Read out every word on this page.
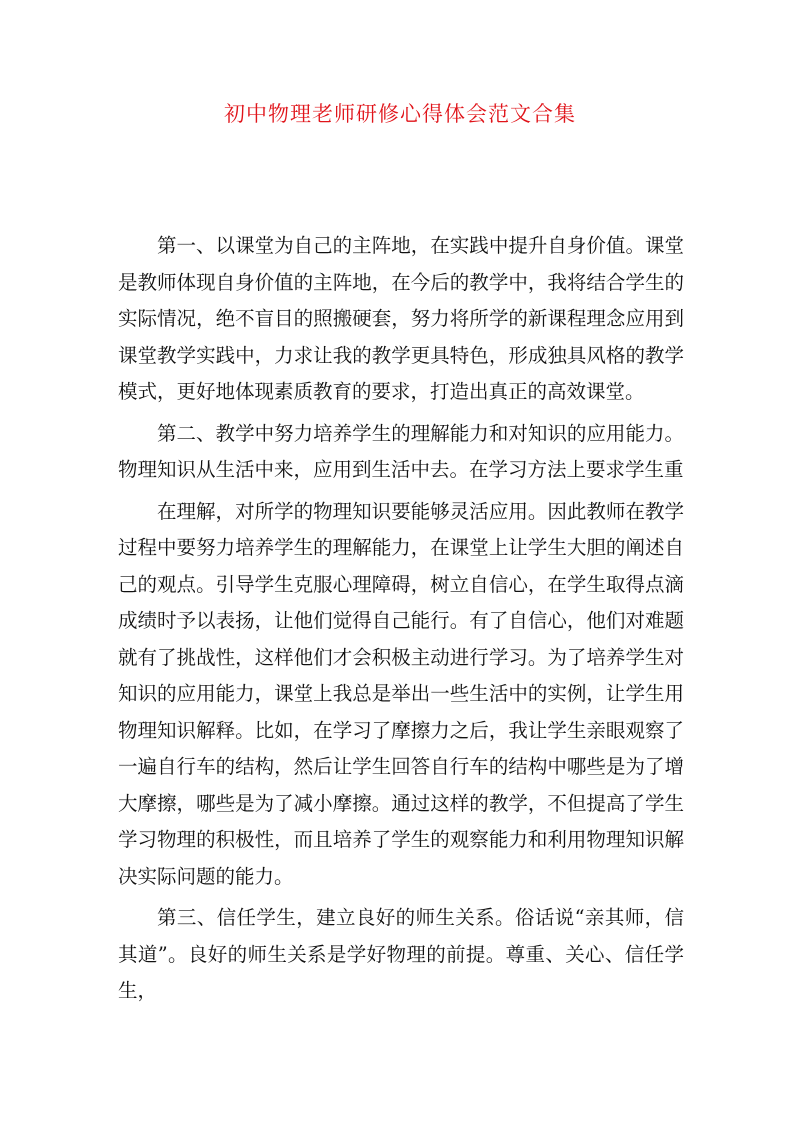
初中物理老师研修心得体会范文合集

第一、以课堂为自己的主阵地，在实践中提升自身价值。课堂是教师体现自身价值的主阵地，在今后的教学中，我将结合学生的实际情况，绝不盲目的照搬硬套，努力将所学的新课程理念应用到课堂教学实践中，力求让我的教学更具特色，形成独具风格的教学模式，更好地体现素质教育的要求，打造出真正的高效课堂。

第二、教学中努力培养学生的理解能力和对知识的应用能力。物理知识从生活中来，应用到生活中去。在学习方法上要求学生重

在理解，对所学的物理知识要能够灵活应用。因此教师在教学过程中要努力培养学生的理解能力，在课堂上让学生大胆的阐述自己的观点。引导学生克服心理障碍，树立自信心，在学生取得点滴成绩时予以表扬，让他们觉得自己能行。有了自信心，他们对难题就有了挑战性，这样他们才会积极主动进行学习。为了培养学生对知识的应用能力，课堂上我总是举出一些生活中的实例，让学生用物理知识解释。比如，在学习了摩擦力之后，我让学生亲眼观察了一遍自行车的结构，然后让学生回答自行车的结构中哪些是为了增大摩擦，哪些是为了减小摩擦。通过这样的教学，不但提高了学生学习物理的积极性，而且培养了学生的观察能力和利用物理知识解决实际问题的能力。

第三、信任学生，建立良好的师生关系。俗话说“亲其师，信其道”。良好的师生关系是学好物理的前提。尊重、关心、信任学生，
